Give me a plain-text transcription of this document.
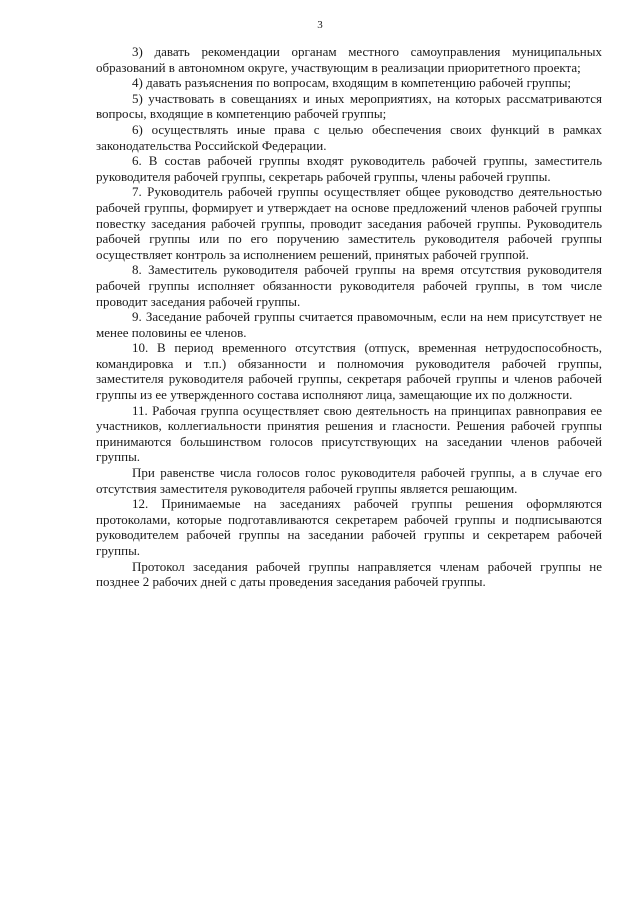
3

3) давать рекомендации органам местного самоуправления муниципальных образований в автономном округе, участвующим в реализации приоритетного проекта;

4) давать разъяснения по вопросам, входящим в компетенцию рабочей группы;

5) участвовать в совещаниях и иных мероприятиях, на которых рассматриваются вопросы, входящие в компетенцию рабочей группы;

6) осуществлять иные права с целью обеспечения своих функций в рамках законодательства Российской Федерации.

6. В состав рабочей группы входят руководитель рабочей группы, заместитель руководителя рабочей группы, секретарь рабочей группы, члены рабочей группы.

7. Руководитель рабочей группы осуществляет общее руководство деятельностью рабочей группы, формирует и утверждает на основе предложений членов рабочей группы повестку заседания рабочей группы, проводит заседания рабочей группы. Руководитель рабочей группы или по его поручению заместитель руководителя рабочей группы осуществляет контроль за исполнением решений, принятых рабочей группой.

8. Заместитель руководителя рабочей группы на время отсутствия руководителя рабочей группы исполняет обязанности руководителя рабочей группы, в том числе проводит заседания рабочей группы.

9. Заседание рабочей группы считается правомочным, если на нем присутствует не менее половины ее членов.

10. В период временного отсутствия (отпуск, временная нетрудоспособность, командировка и т.п.) обязанности и полномочия руководителя рабочей группы, заместителя руководителя рабочей группы, секретаря рабочей группы и членов рабочей группы из ее утвержденного состава исполняют лица, замещающие их по должности.

11. Рабочая группа осуществляет свою деятельность на принципах равноправия ее участников, коллегиальности принятия решения и гласности. Решения рабочей группы принимаются большинством голосов присутствующих на заседании членов рабочей группы.

При равенстве числа голосов голос руководителя рабочей группы, а в случае его отсутствия заместителя руководителя рабочей группы является решающим.

12. Принимаемые на заседаниях рабочей группы решения оформляются протоколами, которые подготавливаются секретарем рабочей группы и подписываются руководителем рабочей группы на заседании рабочей группы и секретарем рабочей группы.

Протокол заседания рабочей группы направляется членам рабочей группы не позднее 2 рабочих дней с даты проведения заседания рабочей группы.
